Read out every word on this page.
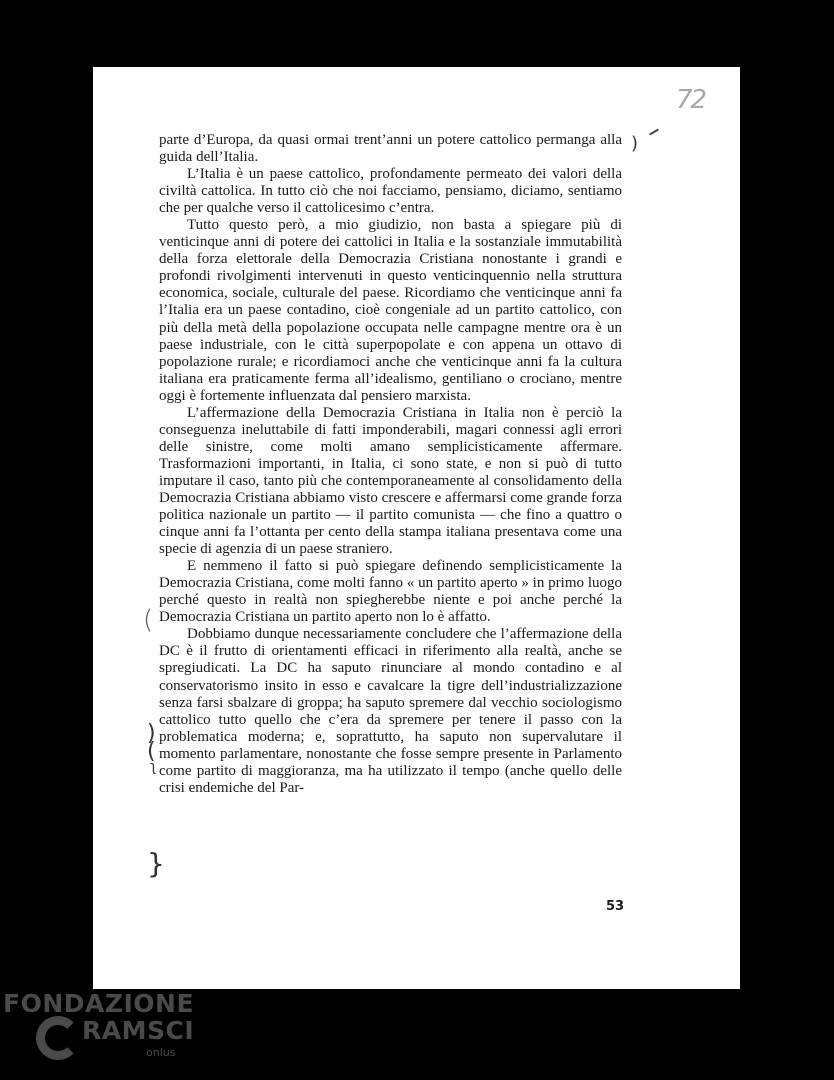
72

parte d’Europa, da quasi ormai trent’anni un potere cattolico permanga alla guida dell’Italia.

L’Italia è un paese cattolico, profondamente permeato dei valori della civiltà cattolica. In tutto ciò che noi facciamo, pensiamo, diciamo, sentiamo che per qualche verso il cattolicesimo c’entra.

Tutto questo però, a mio giudizio, non basta a spiegare più di venticinque anni di potere dei cattolici in Italia e la sostanziale immutabilità della forza elettorale della Democrazia Cristiana nonostante i grandi e profondi rivolgimenti intervenuti in questo venticinquennio nella struttura economica, sociale, culturale del paese. Ricordiamo che venticinque anni fa l’Italia era un paese contadino, cioè congeniale ad un partito cattolico, con più della metà della popolazione occupata nelle campagne mentre ora è un paese industriale, con le città superpopolate e con appena un ottavo di popolazione rurale; e ricordiamoci anche che venticinque anni fa la cultura italiana era praticamente ferma all’idealismo, gentiliano o crociano, mentre oggi è fortemente influenzata dal pensiero marxista.

L’affermazione della Democrazia Cristiana in Italia non è perciò la conseguenza ineluttabile di fatti imponderabili, magari connessi agli errori delle sinistre, come molti amano semplicisticamente affermare. Trasformazioni importanti, in Italia, ci sono state, e non si può di tutto imputare il caso, tanto più che contemporaneamente al consolidamento della Democrazia Cristiana abbiamo visto crescere e affermarsi come grande forza politica nazionale un partito — il partito comunista — che fino a quattro o cinque anni fa l’ottanta per cento della stampa italiana presentava come una specie di agenzia di un paese straniero.

E nemmeno il fatto si può spiegare definendo semplicisticamente la Democrazia Cristiana, come molti fanno « un partito aperto » in primo luogo perché questo in realtà non spiegherebbe niente e poi anche perché la Democrazia Cristiana un partito aperto non lo è affatto.

Dobbiamo dunque necessariamente concludere che l’affermazione della DC è il frutto di orientamenti efficaci in riferimento alla realtà, anche se spregiudicati. La DC ha saputo rinunciare al mondo contadino e al conservatorismo insito in esso e cavalcare la tigre dell’industrializzazione senza farsi sbalzare di groppa; ha saputo spremere dal vecchio sociologismo cattolico tutto quello che c’era da spremere per tenere il passo con la problematica moderna; e, soprattutto, ha saputo non supervalutare il momento parlamentare, nonostante che fosse sempre presente in Parlamento come partito di maggioranza, ma ha utilizzato il tempo (anche quello delle crisi endemiche del Par-

53
)
(
)
(
ʅ
}
FONDAZIONE
RAMSCI
onlus
